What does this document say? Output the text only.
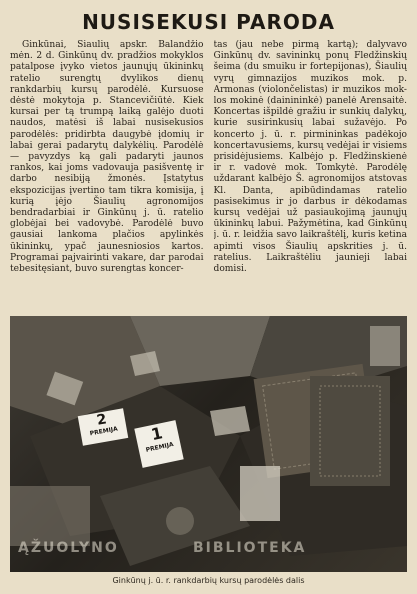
NUSISEKUSI PARODA

Ginkūnai, Šiaulių apskr. Balandžio mėn. 2 d. Ginkūnų dv. pradžios mokyklos patalpose įvyko vietos jaunųjų ūkininkų ratelio surengtų dvylikos dienų rankdarbių kursų parodėlė. Kursuose dėstė mokytoja p. Stancevičiūtė. Kiek kursai per tą trumpą laiką galėjo duoti naudos, matėsi iš labai nusisekusios parodėlės: pridirbta daugybė įdomių ir labai gerai padarytų dalykėlių. Parodėlė — pavyzdys ką gali padaryti jaunos rankos, kai joms vadovauja pasišventę ir darbo nesibiją žmonės. Įstatytus ekspozicijas įvertino tam tikra komisija, į kurią įėjo Šiaulių agronomijos bendradarbiai ir Ginkūnų j. ū. ratelio globėjai bei vadovybė. Parodėlė buvo gausiai lankoma plačios apylinkės ūkininkų, ypač jaunesniosios kartos. Programai pajvairinti vakare, dar parodai tebesitęsiant, buvo surengtas koncer-

tas (jau nebe pirmą kartą); dalyvavo Ginkūnų dv. savininkų ponų Fledžinskių šeima (du smuiku ir fortepijonas), Šiaulių vyrų gimnazijos muzikos mok. p. Armonas (violončelistas) ir muzikos mok-los mokinė (dainininkė) panelė Arensaitė. Koncertas išpildė gražiu ir sunkių dalykų, kurie susirinkusių labai sužavėjo. Po koncerto j. ū. r. pirmininkas padėkojo koncertavusiems, kursų vedėjai ir visiems prisidėjusiems. Kalbėjo p. Fledžinskienė ir r. vadovė mok. Tomkytė. Parodėlę uždarant kalbėjo Š. agronomijos atstovas Kl. Danta, apibūdindamas ratelio pasisekimus ir jo darbus ir dėkodamas kursų vedėjai už pasiaukojimą jaunųjų ūkininkų labui. Pažymėtina, kad Ginkūnų j. ū. r. leidžia savo laikraštėlį, kuris ketina apimti visos Šiaulių apskrities j. ū. ratelius. Laikraštėliu jaunieji labai domisi.

2
PREMIJA	1
PREMIJA
ĄŽUOLYNO	BIBLIOTEKA
Ginkūnų j. ū. r. rankdarbių kursų parodėlės dalis
